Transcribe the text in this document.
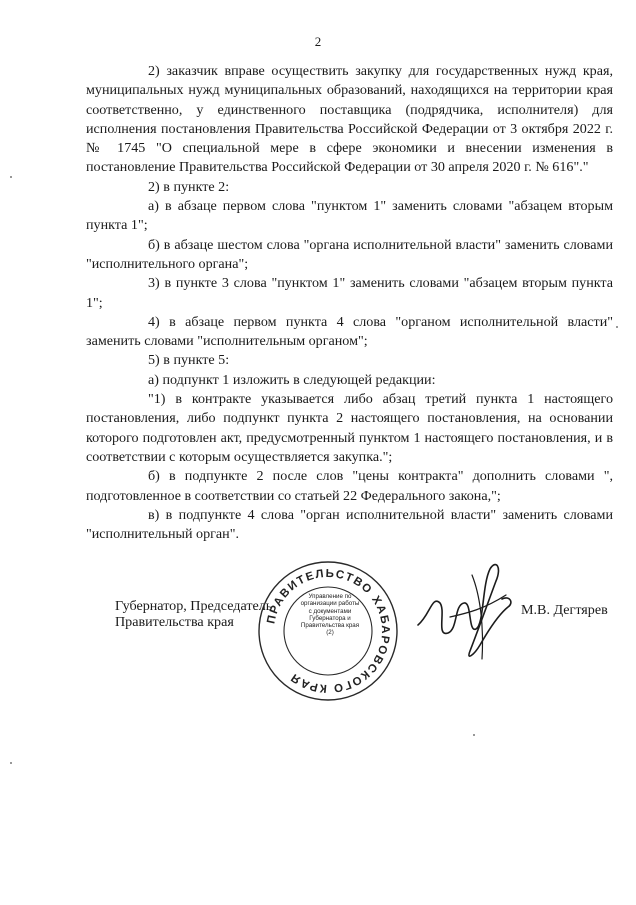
2

2) заказчик вправе осуществить закупку для государственных нужд края, муниципальных нужд муниципальных образований, находящихся на территории края соответственно, у единственного поставщика (подрядчика, исполнителя) для исполнения постановления Правительства Российской Федерации от 3 октября 2022 г. № 1745 "О специальной мере в сфере экономики и внесении изменения в постановление Правительства Российской Федерации от 30 апреля 2020 г. № 616"."

2) в пункте 2:

а) в абзаце первом слова "пунктом 1" заменить словами "абзацем вторым пункта 1";

б) в абзаце шестом слова "органа исполнительной власти" заменить словами "исполнительного органа";

3) в пункте 3 слова "пунктом 1" заменить словами "абзацем вторым пункта 1";

4) в абзаце первом пункта 4 слова "органом исполнительной власти" заменить словами "исполнительным органом";

5) в пункте 5:

а) подпункт 1 изложить в следующей редакции:

"1) в контракте указывается либо абзац третий пункта 1 настоящего постановления, либо подпункт пункта 2 настоящего постановления, на основании которого подготовлен акт, предусмотренный пунктом 1 настоящего постановления, и в соответствии с которым осуществляется закупка.";

б) в подпункте 2 после слов "цены контракта" дополнить словами ", подготовленное в соответствии со статьей 22 Федерального закона,";

в) в подпункте 4 слова "орган исполнительной власти" заменить словами "исполнительный орган".

Губернатор, Председатель Правительства края	ПРАВИТЕЛЬСТВО ХАБАРОВСКОГО КРАЯ
Управление по организации работы с документами Губернатора и Правительства края (2)
М.В. Дегтярев
